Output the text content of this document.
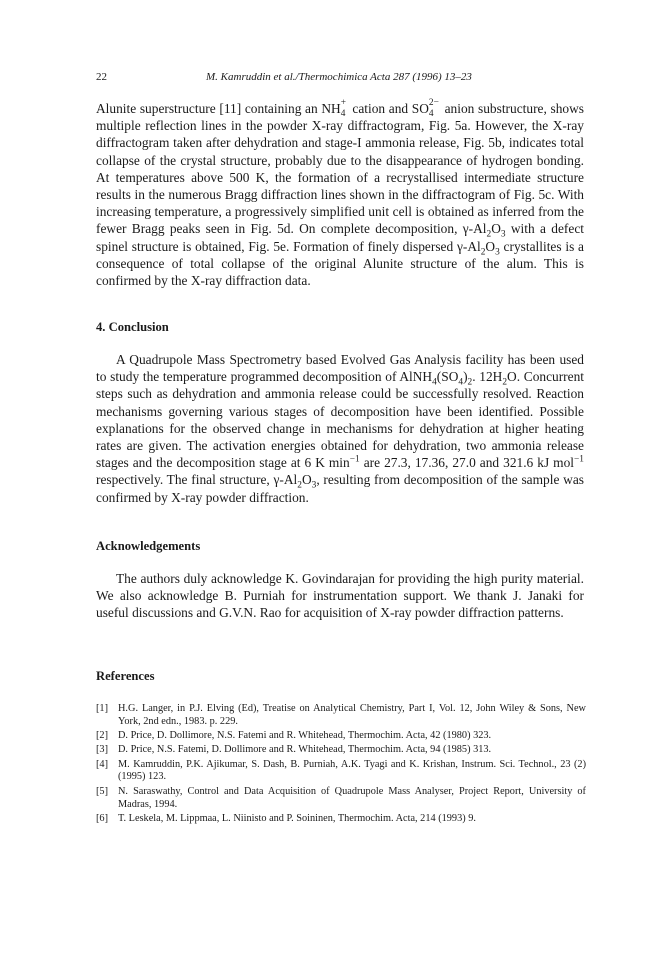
22	M. Kamruddin et al./Thermochimica Acta 287 (1996) 13–23

Alunite superstructure [11] containing an NH +
4 cation and SO 2−
4 anion substructure, shows multiple reflection lines in the powder X-ray diffractogram, Fig. 5a. However, the X-ray diffractogram taken after dehydration and stage-I ammonia release, Fig. 5b, indicates total collapse of the crystal structure, probably due to the disappearance of hydrogen bonding. At temperatures above 500 K, the formation of a recrystallised intermediate structure results in the numerous Bragg diffraction lines shown in the diffractogram of Fig. 5c. With increasing temperature, a progressively simplified unit cell is obtained as inferred from the fewer Bragg peaks seen in Fig. 5d. On complete decomposition, $\gamma-Al_2O_3$ with a defect spinel structure is obtained, Fig. 5e. Formation of finely dispersed $\gamma-Al_2O_3$ crystallites is a consequence of total collapse of the original Alunite structure of the alum. This is confirmed by the X-ray diffraction data.

4. Conclusion

A Quadrupole Mass Spectrometry based Evolved Gas Analysis facility has been used to study the temperature programmed decomposition of $AlNH_4(SO_4)_2$. $12H_2O$. Concurrent steps such as dehydration and ammonia release could be successfully resolved. Reaction mechanisms governing various stages of decomposition have been identified. Possible explanations for the observed change in mechanisms for dehydration at higher heating rates are given. The activation energies obtained for dehydration, two ammonia release stages and the decomposition stage at 6 K $\min^{-1}$ are 27.3, 17.36, 27.0 and 321.6 kJ mol$^{-1}$ respectively. The final structure, $\gamma-Al_2O_3$, resulting from decomposition of the sample was confirmed by X-ray powder diffraction.

Acknowledgements

The authors duly acknowledge K. Govindarajan for providing the high purity material. We also acknowledge B. Purniah for instrumentation support. We thank J. Janaki for useful discussions and G.V.N. Rao for acquisition of X-ray powder diffraction patterns.

References
[1] H.G. Langer, in P.J. Elving (Ed), Treatise on Analytical Chemistry, Part I, Vol. 12, John Wiley & Sons, New York, 2nd edn., 1983. p. 229.
[2] D. Price, D. Dollimore, N.S. Fatemi and R. Whitehead, Thermochim. Acta, 42 (1980) 323.
[3] D. Price, N.S. Fatemi, D. Dollimore and R. Whitehead, Thermochim. Acta, 94 (1985) 313.
[4] M. Kamruddin, P.K. Ajikumar, S. Dash, B. Purniah, A.K. Tyagi and K. Krishan, Instrum. Sci. Technol., 23 (2) (1995) 123.
[5] N. Saraswathy, Control and Data Acquisition of Quadrupole Mass Analyser, Project Report, University of Madras, 1994.
[6] T. Leskela, M. Lippmaa, L. Niinisto and P. Soininen, Thermochim. Acta, 214 (1993) 9.
